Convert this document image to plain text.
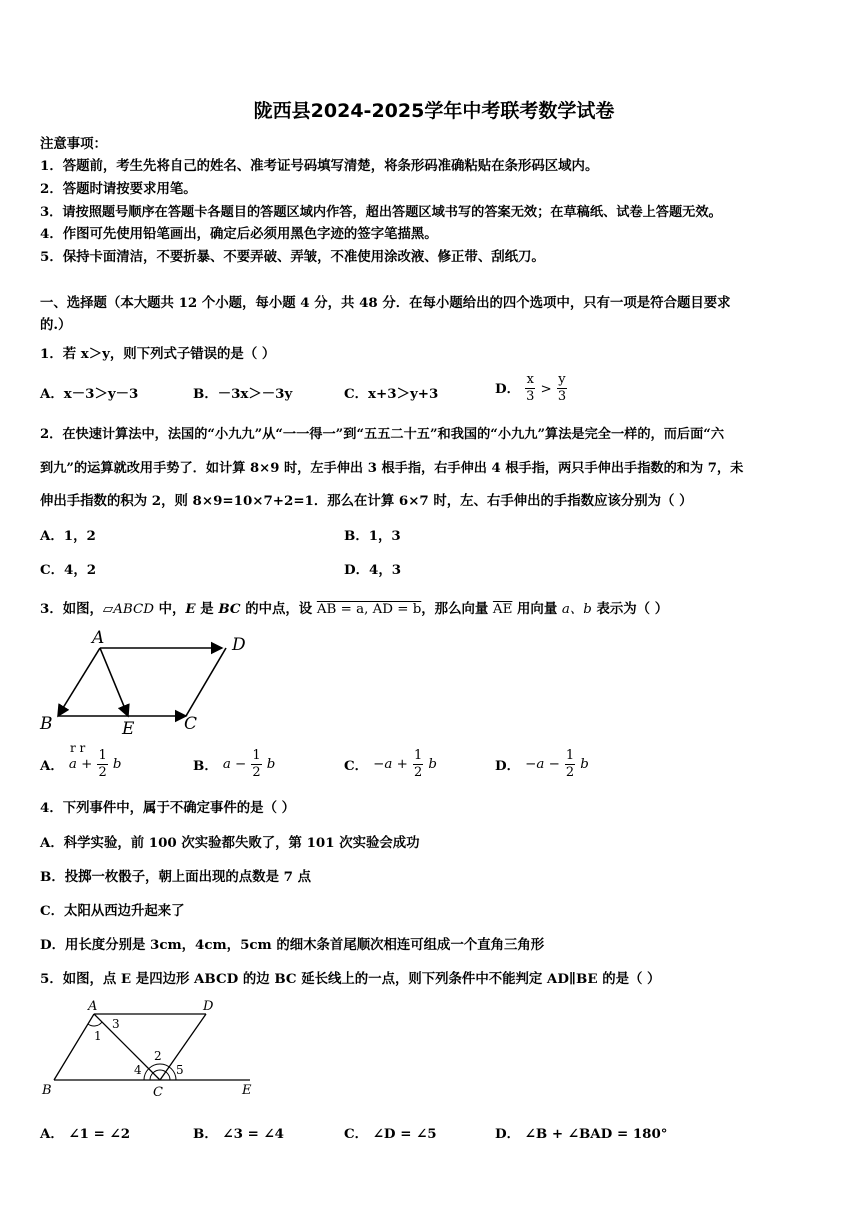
陇西县2024-2025学年中考联考数学试卷
注意事项：
1．答题前，考生先将自己的姓名、准考证号码填写清楚，将条形码准确粘贴在条形码区域内。
2．答题时请按要求用笔。
3．请按照题号顺序在答题卡各题目的答题区域内作答，超出答题区域书写的答案无效；在草稿纸、试卷上答题无效。
4．作图可先使用铅笔画出，确定后必须用黑色字迹的签字笔描黑。
5．保持卡面清洁，不要折暴、不要弄破、弄皱，不准使用涂改液、修正带、刮纸刀。
一、选择题（本大题共 12 个小题，每小题 4 分，共 48 分．在每小题给出的四个选项中，只有一项是符合题目要求
的.）
1．若 x＞y，则下列式子错误的是（ ）
A．x－3＞y－3	B．－3x＞－3y	C．x+3＞y+3	D． $\frac{x}{3} > \frac{y}{3}$
2．在快速计算法中，法国的“小九九”从“一一得一”到“五五二十五”和我国的“小九九”算法是完全一样的，而后面“六
到九”的运算就改用手势了．如计算 8×9 时，左手伸出 3 根手指，右手伸出 4 根手指，两只手伸出手指数的和为 7，未
伸出手指数的积为 2，则 8×9=10×7+2=1．那么在计算 6×7 时，左、右手伸出的手指数应该分别为（ ）
A．1，2	B．1，3
C．4，2	D．4，3
3．如图，▱ABCD 中，E 是 BC 的中点，设 AB = a, AD = b，那么向量 $\overline{AE}$ 用向量 a、b 表示为（ ）
A	D
B	E	C
A． $a + \frac{1}{2}$ b
r r
B． $a - \frac{1}{2}$ b	C． $-a + \frac{1}{2}$ b	D． $-a - \frac{1}{2}$ b
4．下列事件中，属于不确定事件的是（ ）
A．科学实验，前 100 次实验都失败了，第 101 次实验会成功
B．投掷一枚骰子，朝上面出现的点数是 7 点
C．太阳从西边升起来了
D．用长度分别是 3cm，4cm，5cm 的细木条首尾顺次相连可组成一个直角三角形
5．如图，点 E 是四边形 ABCD 的边 BC 延长线上的一点，则下列条件中不能判定 AD∥BE 的是（ ）
A	D
B	C	E
1
3
2
4	5
A． ∠1 = ∠2	B． ∠3 = ∠4	C． ∠D = ∠5	D． ∠B + ∠BAD = 180°
